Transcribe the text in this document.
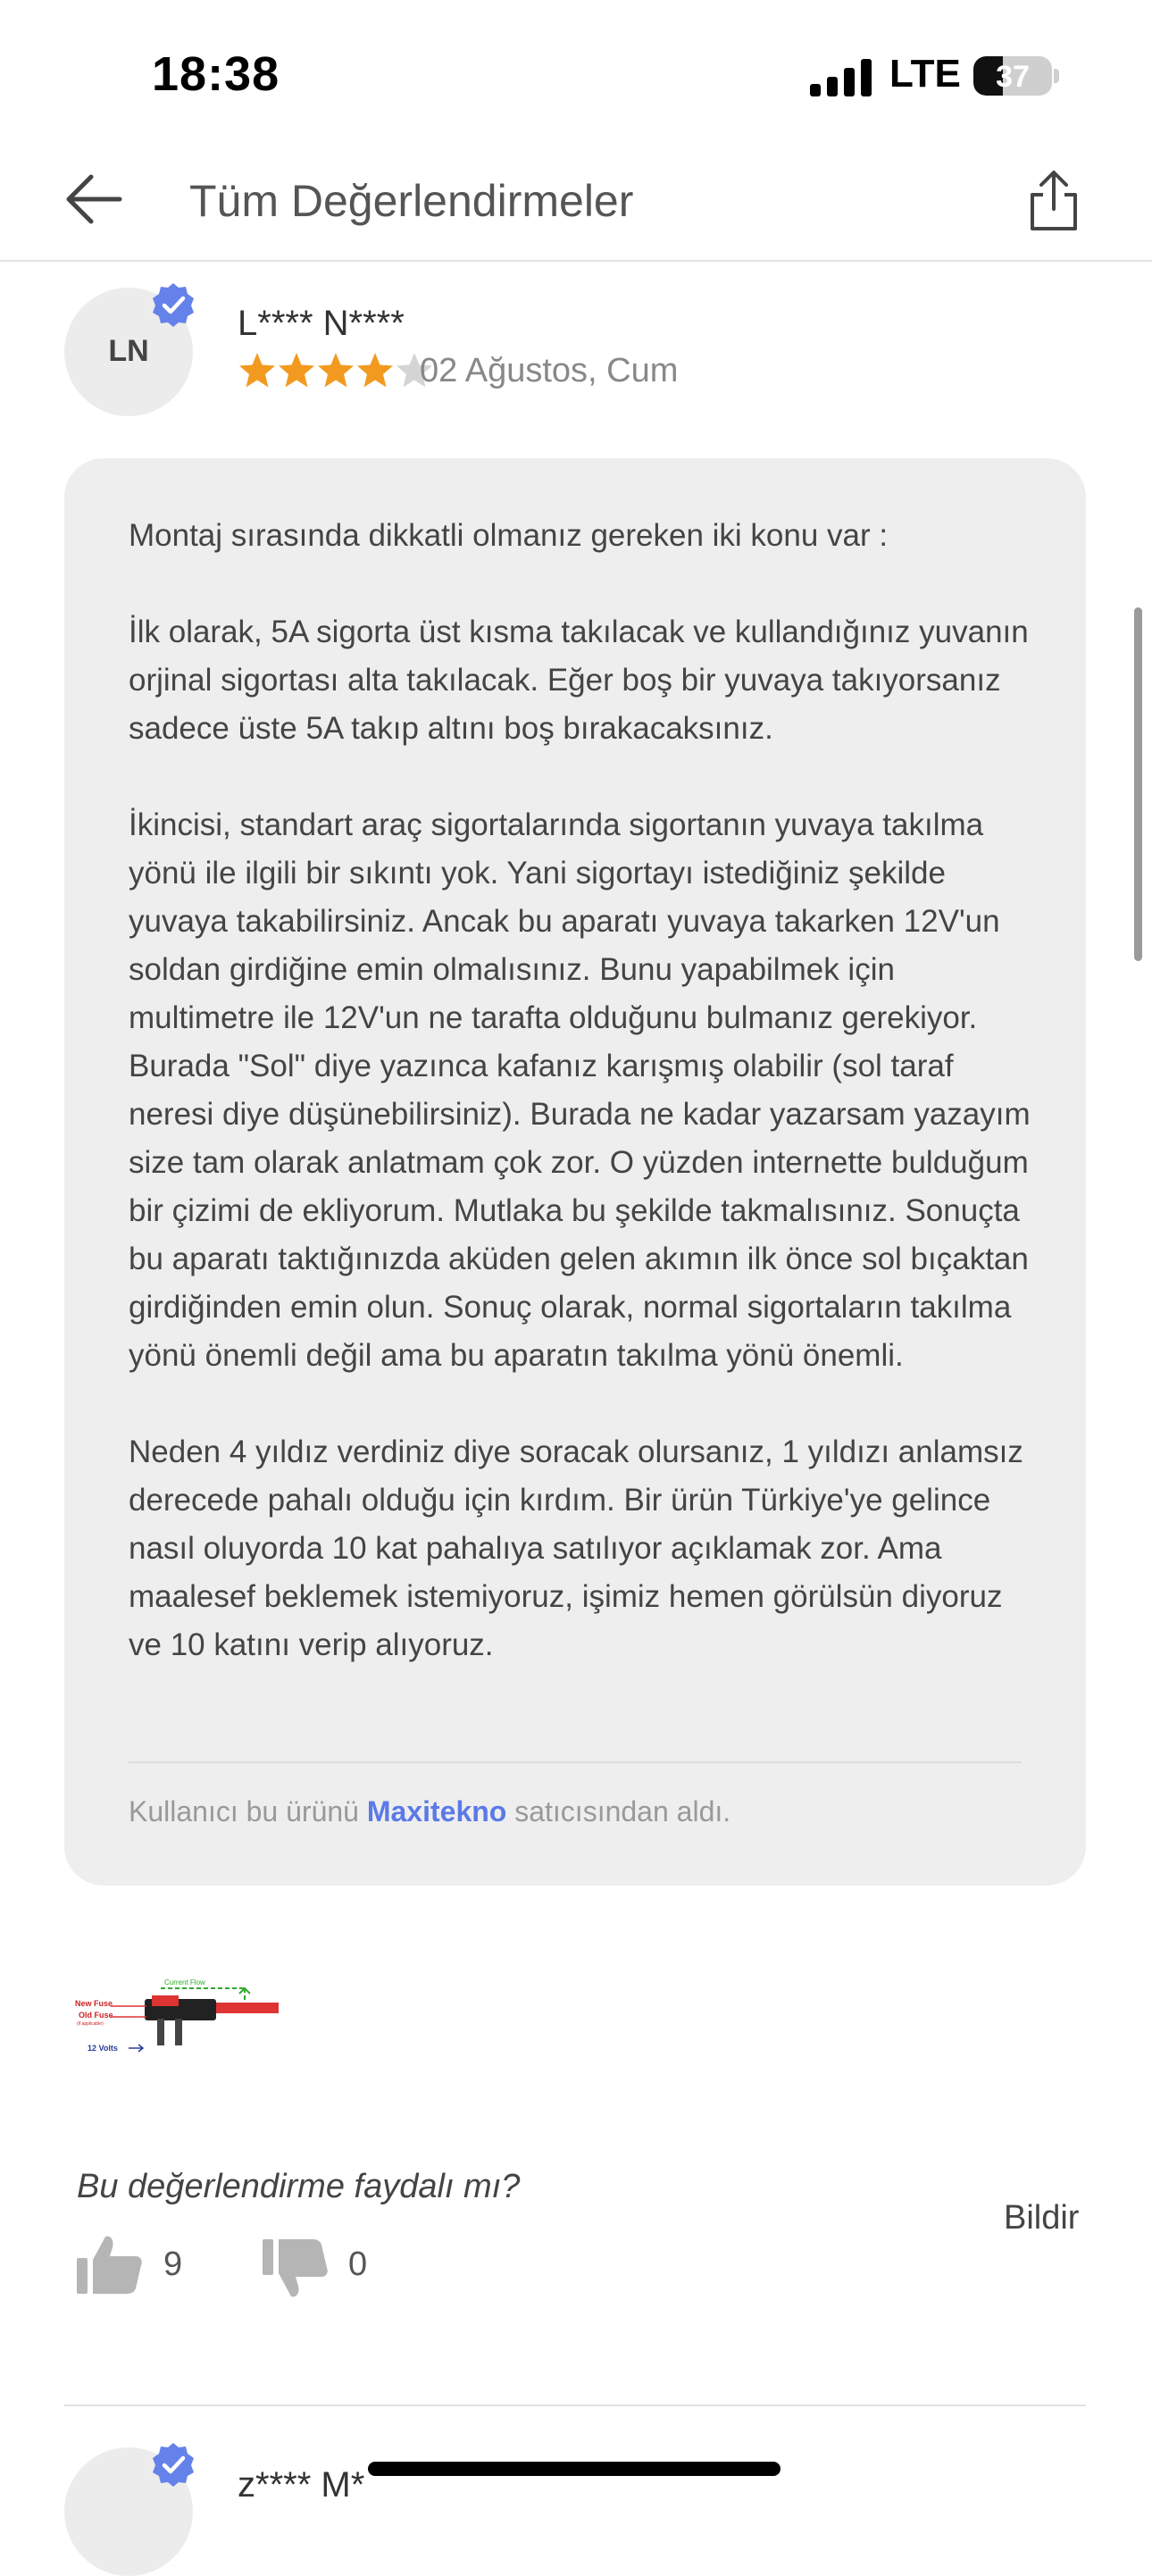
18:38	LTE	37
Tüm Değerlendirmeler
LN
L**** N****
02 Ağustos, Cum

Montaj sırasında dikkatli olmanız gereken iki konu var :

İlk olarak, 5A sigorta üst kısma takılacak ve kullandığınız yuvanın orjinal sigortası alta takılacak. Eğer boş bir yuvaya takıyorsanız sadece üste 5A takıp altını boş bırakacaksınız.

İkincisi, standart araç sigortalarında sigortanın yuvaya takılma yönü ile ilgili bir sıkıntı yok. Yani sigortayı istediğiniz şekilde yuvaya takabilirsiniz. Ancak bu aparatı yuvaya takarken 12V'un soldan girdiğine emin olmalısınız. Bunu yapabilmek için multimetre ile 12V'un ne tarafta olduğunu bulmanız gerekiyor. Burada "Sol" diye yazınca kafanız karışmış olabilir (sol taraf neresi diye düşünebilirsiniz). Burada ne kadar yazarsam yazayım size tam olarak anlatmam çok zor. O yüzden internette bulduğum bir çizimi de ekliyorum. Mutlaka bu şekilde takmalısınız. Sonuçta bu aparatı taktığınızda aküden gelen akımın ilk önce sol bıçaktan girdiğinden emin olun. Sonuç olarak, normal sigortaların takılma yönü önemli değil ama bu aparatın takılma yönü önemli.

Neden 4 yıldız verdiniz diye soracak olursanız, 1 yıldızı anlamsız derecede pahalı olduğu için kırdım. Bir ürün Türkiye'ye gelince nasıl oluyorda 10 kat pahalıya satılıyor açıklamak zor. Ama maalesef beklemek istemiyoruz, işimiz hemen görülsün diyoruz ve 10 katını verip alıyoruz.

Kullanıcı bu ürünü Maxitekno satıcısından aldı.
Current Flow
New Fuse
Old Fuse
(if applicable)
12 Volts
Bu değerlendirme faydalı mı?
Bildir
9	0
z**** M*
